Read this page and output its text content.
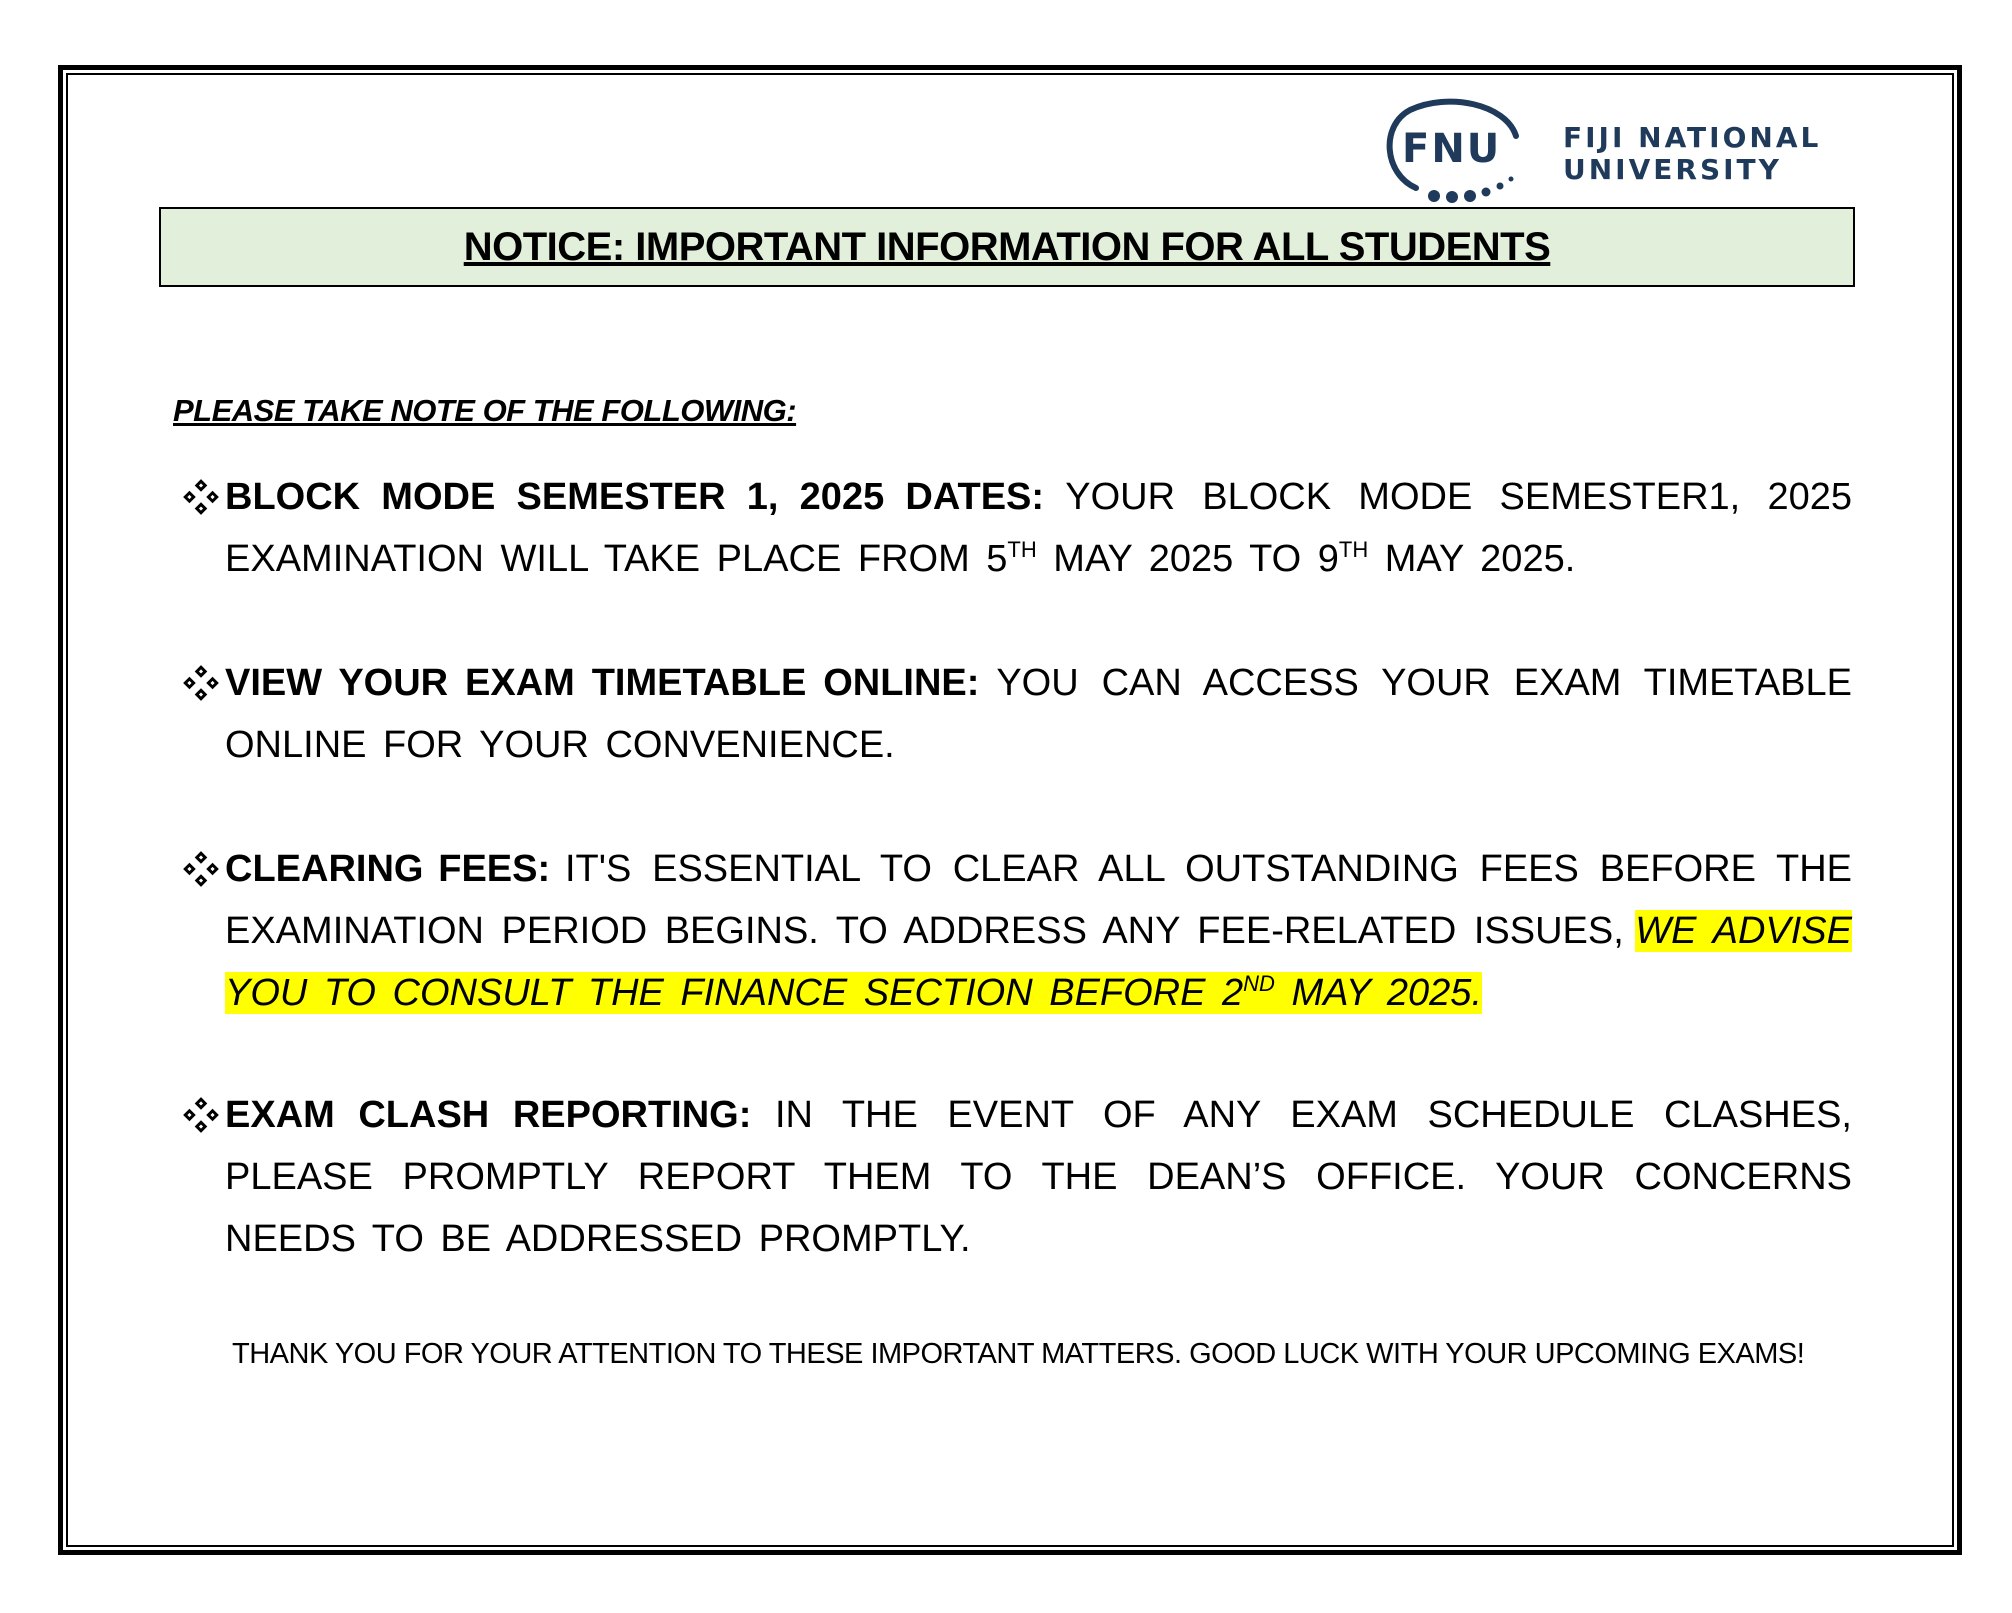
FNU FIJI NATIONAL
UNIVERSITY
NOTICE: IMPORTANT INFORMATION FOR ALL STUDENTS
PLEASE TAKE NOTE OF THE FOLLOWING:
BLOCK MODE SEMESTER 1, 2025 DATES: YOUR BLOCK MODE SEMESTER1, 2025 EXAMINATION WILL TAKE PLACE FROM 5TH MAY 2025 TO 9TH MAY 2025.
VIEW YOUR EXAM TIMETABLE ONLINE: YOU CAN ACCESS YOUR EXAM TIMETABLE ONLINE FOR YOUR CONVENIENCE.
CLEARING FEES: IT'S ESSENTIAL TO CLEAR ALL OUTSTANDING FEES BEFORE THE EXAMINATION PERIOD BEGINS. TO ADDRESS ANY FEE-RELATED ISSUES, WE ADVISE YOU TO CONSULT THE FINANCE SECTION BEFORE 2ND MAY 2025.
EXAM CLASH REPORTING: IN THE EVENT OF ANY EXAM SCHEDULE CLASHES, PLEASE PROMPTLY REPORT THEM TO THE DEAN’S OFFICE. YOUR CONCERNS NEEDS TO BE ADDRESSED PROMPTLY.
THANK YOU FOR YOUR ATTENTION TO THESE IMPORTANT MATTERS. GOOD LUCK WITH YOUR UPCOMING EXAMS!
